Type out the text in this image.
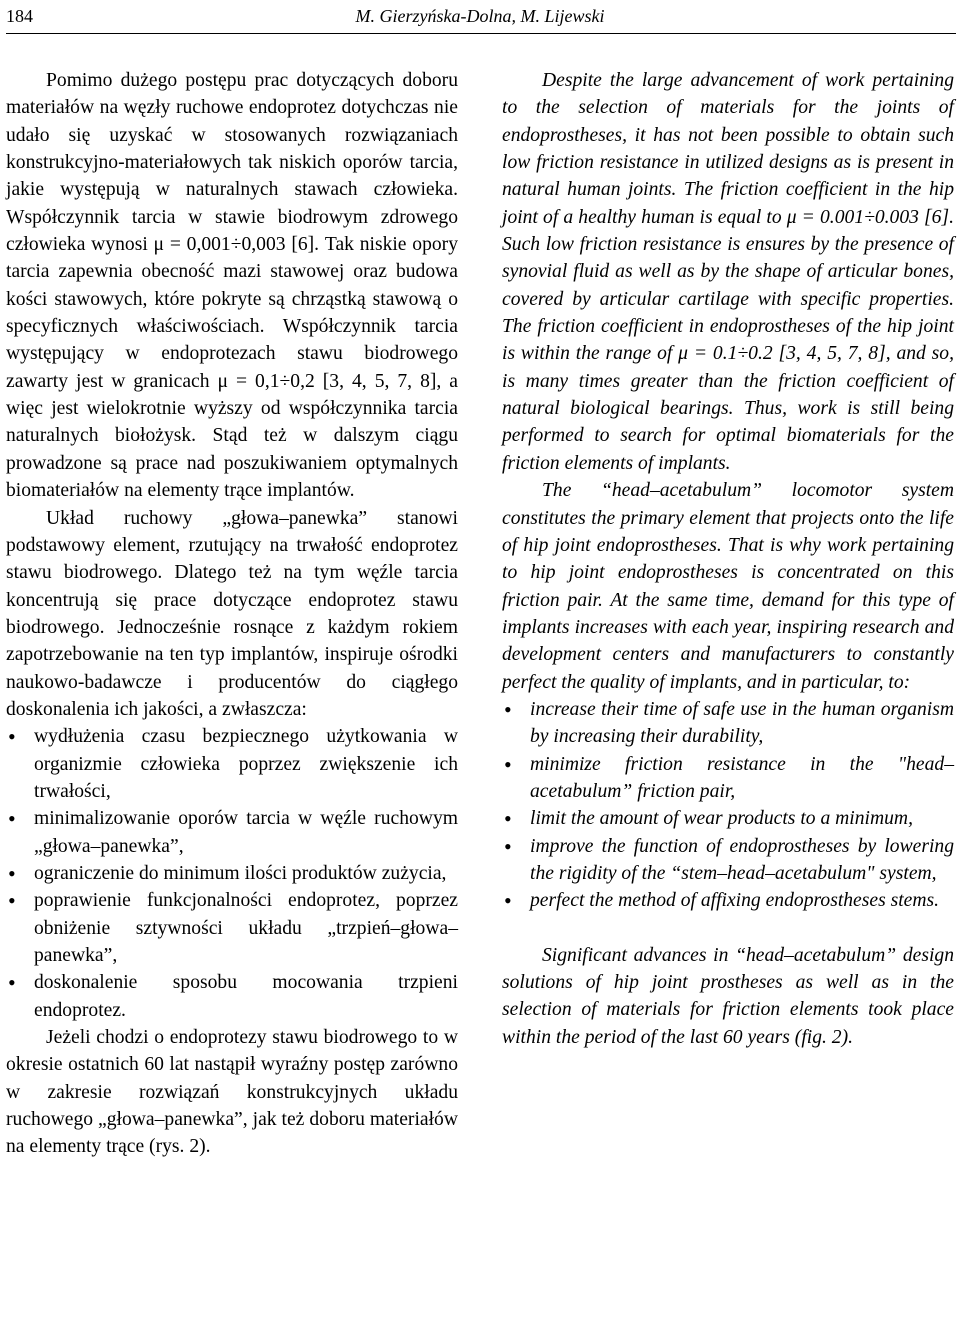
184	M. Gierzyńska-Dolna, M. Lijewski

Pomimo dużego postępu prac dotyczących doboru materiałów na węzły ruchowe endoprotez dotychczas nie udało się uzyskać w stosowanych rozwiązaniach konstrukcyjno-materiałowych tak niskich oporów tarcia, jakie występują w naturalnych stawach człowieka. Współczynnik tarcia w stawie biodrowym zdrowego człowieka wynosi μ = 0,001÷0,003 [6]. Tak niskie opory tarcia zapewnia obecność mazi stawowej oraz budowa kości stawowych, które pokryte są chrząstką stawową o specyficznych właściwościach. Współczynnik tarcia występujący w endoprotezach stawu biodrowego zawarty jest w granicach μ = 0,1÷0,2 [3, 4, 5, 7, 8], a więc jest wielokrotnie wyższy od współczynnika tarcia naturalnych biołożysk. Stąd też w dalszym ciągu prowadzone są prace nad poszukiwaniem optymalnych biomateriałów na elementy trące implantów.

Układ ruchowy „głowa–panewka” stanowi podstawowy element, rzutujący na trwałość endoprotez stawu biodrowego. Dlatego też na tym węźle tarcia koncentrują się prace dotyczące endoprotez stawu biodrowego. Jednocześnie rosnące z każdym rokiem zapotrzebowanie na ten typ implantów, inspiruje ośrodki naukowo-badawcze i producentów do ciągłego doskonalenia ich jakości, a zwłaszcza:

• wydłużenia czasu bezpiecznego użytkowania w organizmie człowieka poprzez zwiększenie ich trwałości,
• minimalizowanie oporów tarcia w węźle ruchowym „głowa–panewka”,
• ograniczenie do minimum ilości produktów zużycia,
• poprawienie funkcjonalności endoprotez, poprzez obniżenie sztywności układu „trzpień–głowa–panewka”,
• doskonalenie sposobu mocowania trzpieni endoprotez.

Jeżeli chodzi o endoprotezy stawu biodrowego to w okresie ostatnich 60 lat nastąpił wyraźny postęp zarówno w zakresie rozwiązań konstrukcyjnych układu ruchowego „głowa–panewka”, jak też doboru materiałów na elementy trące (rys. 2).

Despite the large advancement of work pertaining to the selection of materials for the joints of endoprostheses, it has not been possible to obtain such low friction resistance in utilized designs as is present in natural human joints. The friction coefficient in the hip joint of a healthy human is equal to μ = 0.001÷0.003 [6]. Such low friction resistance is ensures by the presence of synovial fluid as well as by the shape of articular bones, covered by articular cartilage with specific properties. The friction coefficient in endoprostheses of the hip joint is within the range of μ = 0.1÷0.2 [3, 4, 5, 7, 8], and so, is many times greater than the friction coefficient of natural biological bearings. Thus, work is still being performed to search for optimal biomaterials for the friction elements of implants.

The “head–acetabulum” locomotor system constitutes the primary element that projects onto the life of hip joint endoprostheses. That is why work pertaining to hip joint endoprostheses is concentrated on this friction pair. At the same time, demand for this type of implants increases with each year, inspiring research and development centers and manufacturers to constantly perfect the quality of implants, and in particular, to:

• increase their time of safe use in the human organism by increasing their durability,
• minimize friction resistance in the "head–acetabulum” friction pair,
• limit the amount of wear products to a minimum,
• improve the function of endoprostheses by lowering the rigidity of the “stem–head–acetabulum" system,
• perfect the method of affixing endoprostheses stems.

Significant advances in “head–acetabulum” design solutions of hip joint prostheses as well as in the selection of materials for friction elements took place within the period of the last 60 years (fig. 2).
